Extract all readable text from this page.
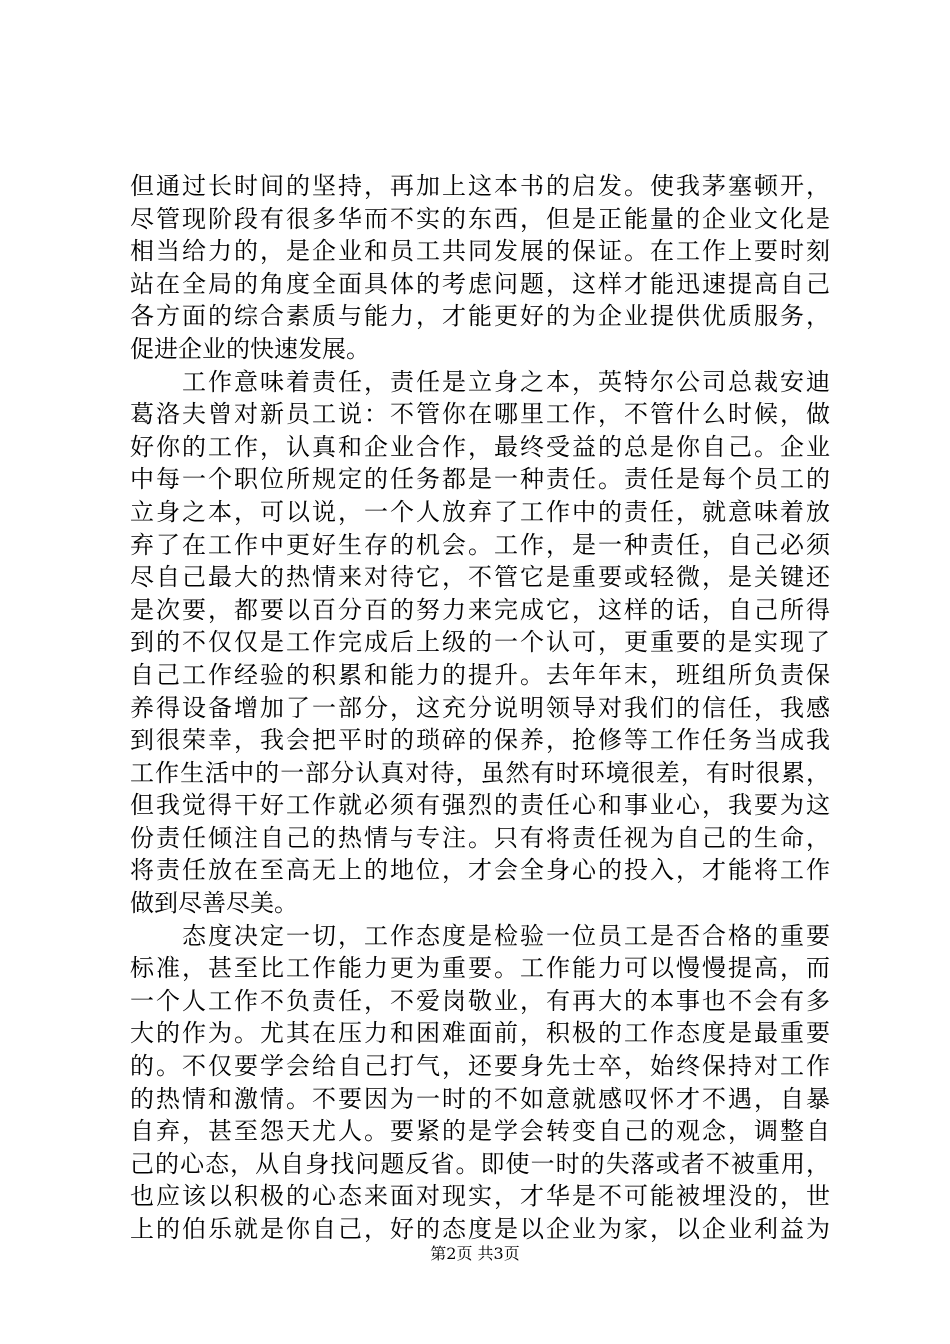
但通过长时间的坚持，再加上这本书的启发。使我茅塞顿开，
尽管现阶段有很多华而不实的东西，但是正能量的企业文化是
相当给力的，是企业和员工共同发展的保证。在工作上要时刻
站在全局的角度全面具体的考虑问题，这样才能迅速提高自己
各方面的综合素质与能力，才能更好的为企业提供优质服务，
促进企业的快速发展。
工作意味着责任，责任是立身之本，英特尔公司总裁安迪
葛洛夫曾对新员工说：不管你在哪里工作，不管什么时候，做
好你的工作，认真和企业合作，最终受益的总是你自己。企业
中每一个职位所规定的任务都是一种责任。责任是每个员工的
立身之本，可以说，一个人放弃了工作中的责任，就意味着放
弃了在工作中更好生存的机会。工作，是一种责任，自己必须
尽自己最大的热情来对待它，不管它是重要或轻微，是关键还
是次要，都要以百分百的努力来完成它，这样的话，自己所得
到的不仅仅是工作完成后上级的一个认可，更重要的是实现了
自己工作经验的积累和能力的提升。去年年末，班组所负责保
养得设备增加了一部分，这充分说明领导对我们的信任，我感
到很荣幸，我会把平时的琐碎的保养，抢修等工作任务当成我
工作生活中的一部分认真对待，虽然有时环境很差，有时很累，
但我觉得干好工作就必须有强烈的责任心和事业心，我要为这
份责任倾注自己的热情与专注。只有将责任视为自己的生命，
将责任放在至高无上的地位，才会全身心的投入，才能将工作
做到尽善尽美。
态度决定一切，工作态度是检验一位员工是否合格的重要
标准，甚至比工作能力更为重要。工作能力可以慢慢提高，而
一个人工作不负责任，不爱岗敬业，有再大的本事也不会有多
大的作为。尤其在压力和困难面前，积极的工作态度是最重要
的。不仅要学会给自己打气，还要身先士卒，始终保持对工作
的热情和激情。不要因为一时的不如意就感叹怀才不遇，自暴
自弃，甚至怨天尤人。要紧的是学会转变自己的观念，调整自
己的心态，从自身找问题反省。即使一时的失落或者不被重用，
也应该以积极的心态来面对现实，才华是不可能被埋没的，世
上的伯乐就是你自己，好的态度是以企业为家，以企业利益为
第2页 共3页
